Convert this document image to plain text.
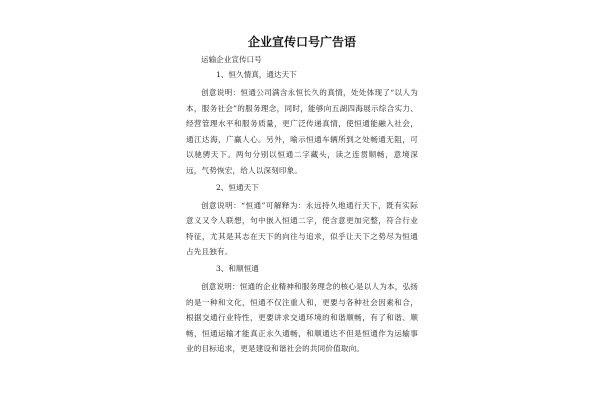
企业宣传口号广告语

运输企业宣传口号

1、恒久情真，通达天下

创意说明：恒通公司满含永恒长久的真情，处处体现了“以人为本，服务社会”的服务理念，同时，能够向五湖四海展示综合实力、经营管理水平和服务质量，更广泛传递真情，使恒通能融入社会，通江达海，广赢人心。另外，喻示恒通车辆所到之处畅通无阻，可以驰骋天下。两句分别以恒通二字藏头，读之连贯顺畅，意境深远，气势恢宏，给人以深刻印象。

2、恒通天下

创意说明：“恒通”可解释为：永远持久地通行天下，既有实际意义又令人联想，句中嵌入恒通二字，使含意更加完整，符合行业特征，尤其是其志在天下的向往与追求，似乎让天下之势尽为恒通占先且独有。

3、和顺恒通

创意说明：恒通的企业精神和服务理念的核心是以人为本，弘扬的是一种和文化，恒通不仅注重人和，更要与各种社会因素和合，根据交通行业特性，更要讲求交通环境的和谐顺畅，有了和谐、顺畅，恒通运输才能真正永久通畅，和顺通达不但是恒通作为运输事业的目标追求，更是建设和谐社会的共同价值取向。
